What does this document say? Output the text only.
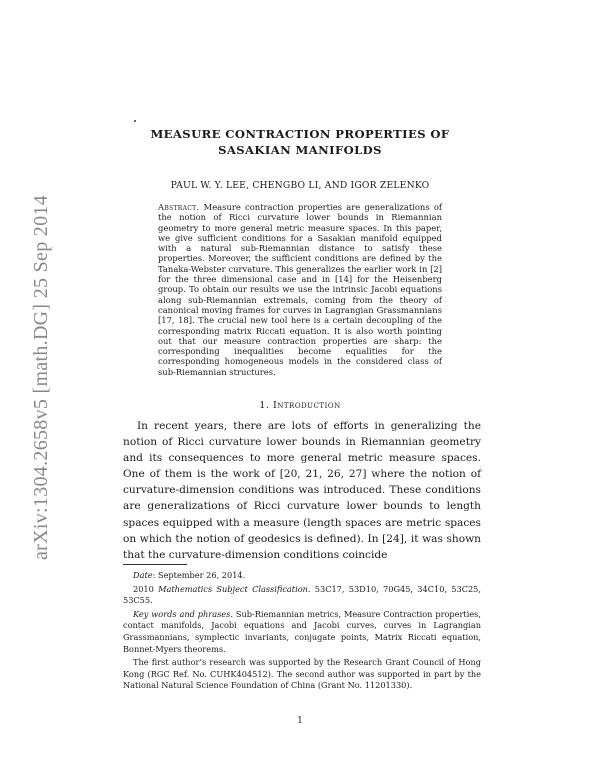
arXiv:1304.2658v5 [math.DG] 25 Sep 2014
MEASURE CONTRACTION PROPERTIES OF
SASAKIAN MANIFOLDS
PAUL W. Y. LEE, CHENGBO LI, AND IGOR ZELENKO
Abstract. Measure contraction properties are generalizations of the notion of Ricci curvature lower bounds in Riemannian geometry to more general metric measure spaces. In this paper, we give sufficient conditions for a Sasakian manifold equipped with a natural sub-Riemannian distance to satisfy these properties. Moreover, the sufficient conditions are defined by the Tanaka-Webster curvature. This generalizes the earlier work in [2] for the three dimensional case and in [14] for the Heisenberg group. To obtain our results we use the intrinsic Jacobi equations along sub-Riemannian extremals, coming from the theory of canonical moving frames for curves in Lagrangian Grassmannians [17, 18]. The crucial new tool here is a certain decoupling of the corresponding matrix Riccati equation. It is also worth pointing out that our measure contraction properties are sharp: the corresponding inequalities become equalities for the corresponding homogeneous models in the considered class of sub-Riemannian structures.
1. Introduction
In recent years, there are lots of efforts in generalizing the notion of Ricci curvature lower bounds in Riemannian geometry and its consequences to more general metric measure spaces. One of them is the work of [20, 21, 26, 27] where the notion of curvature-dimension conditions was introduced. These conditions are generalizations of Ricci curvature lower bounds to length spaces equipped with a measure (length spaces are metric spaces on which the notion of geodesics is defined). In [24], it was shown that the curvature-dimension conditions coincide

Date: September 26, 2014.

2010 Mathematics Subject Classification. 53C17, 53D10, 70G45, 34C10, 53C25, 53C55.

Key words and phrases. Sub-Riemannian metrics, Measure Contraction properties, contact manifolds, Jacobi equations and Jacobi curves, curves in Lagrangian Grassmannians, symplectic invariants, conjugate points, Matrix Riccati equation, Bonnet-Myers theorems.

The first author’s research was supported by the Research Grant Council of Hong Kong (RGC Ref. No. CUHK404512). The second author was supported in part by the National Natural Science Foundation of China (Grant No. 11201330).

1
